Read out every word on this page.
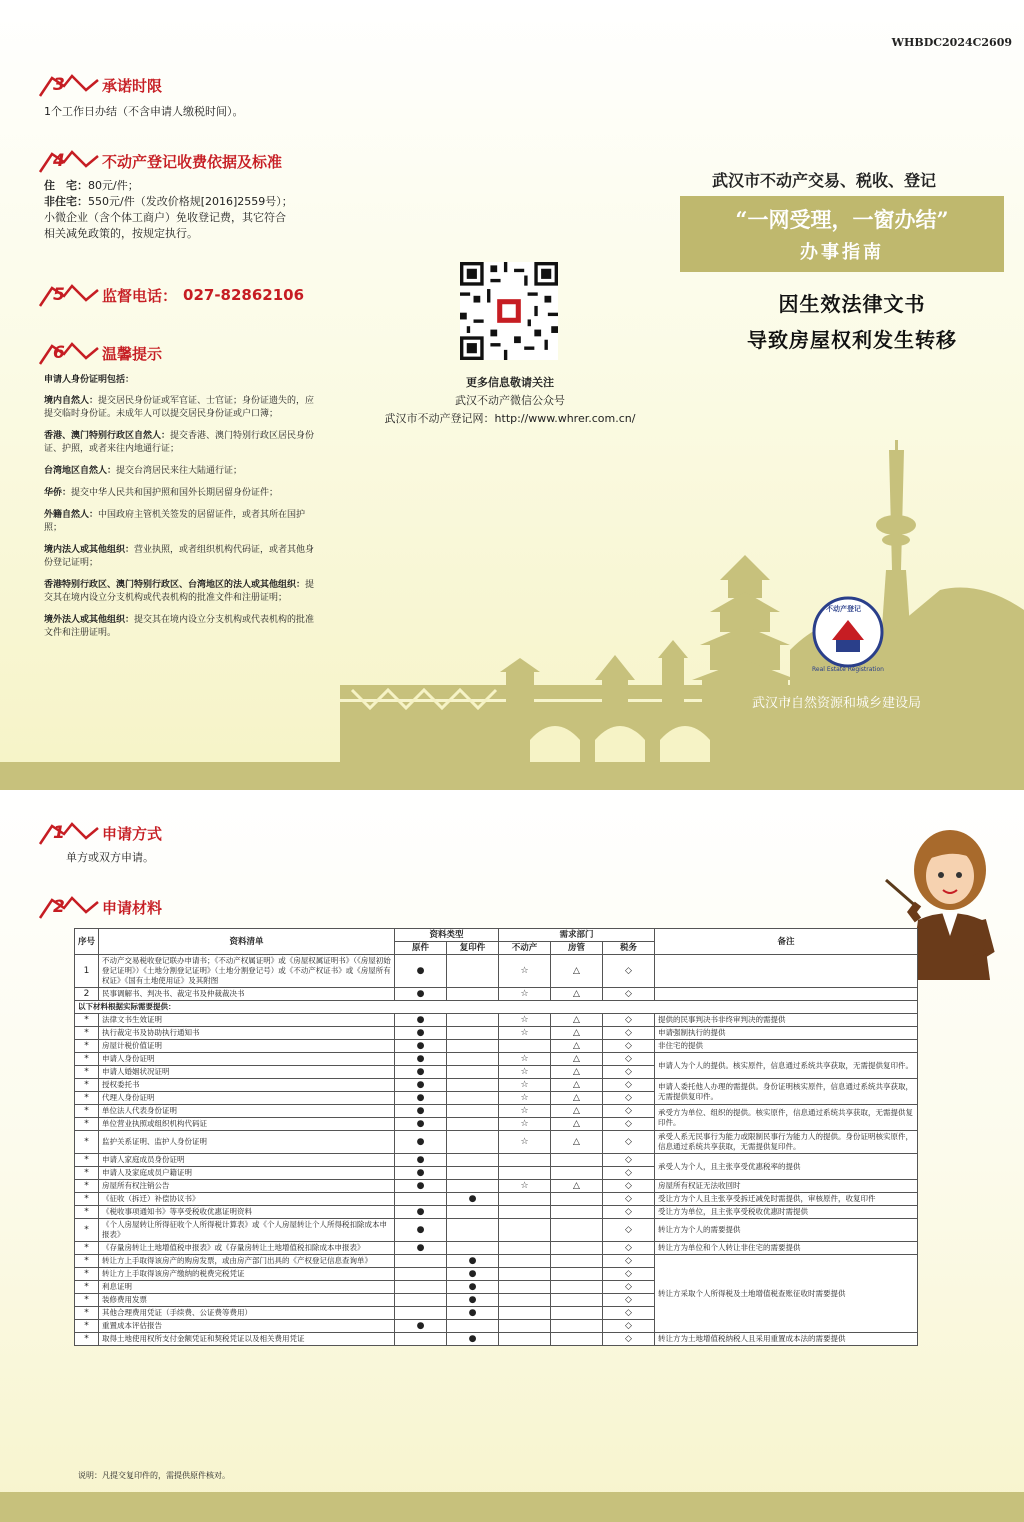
WHBDC2024C2609
3 承诺时限
1个工作日办结（不含申请人缴税时间）。
4 不动产登记收费依据及标准
住　宅：80元/件；
非住宅：550元/件（发改价格规[2016]2559号）；
小微企业（含个体工商户）免收登记费，其它符合
相关减免政策的，按规定执行。
5 监督电话： 027-82862106
6 温馨提示
申请人身份证明包括：
境内自然人：提交居民身份证或军官证、士官证；身份证遗失的，应提交临时身份证。未成年人可以提交居民身份证或户口簿；
香港、澳门特别行政区自然人：提交香港、澳门特别行政区居民身份证、护照，或者来往内地通行证；
台湾地区自然人：提交台湾居民来往大陆通行证；
华侨：提交中华人民共和国护照和国外长期居留身份证件；
外籍自然人：中国政府主管机关签发的居留证件，或者其所在国护照；
境内法人或其他组织：营业执照，或者组织机构代码证，或者其他身份登记证明；
香港特别行政区、澳门特别行政区、台湾地区的法人或其他组织：提交其在境内设立分支机构或代表机构的批准文件和注册证明；
境外法人或其他组织：提交其在境内设立分支机构或代表机构的批准文件和注册证明。
更多信息敬请关注
武汉不动产微信公众号
武汉市不动产登记网：http://www.whrer.com.cn/
武汉市不动产交易、税收、登记
“一网受理，一窗办结”
办事指南
因生效法律文书
导致房屋权利发生转移
不动产登记
Real Estate Registration
武汉市自然资源和城乡建设局
1 申请方式
单方或双方申请。
2 申请材料
序号	资料清单	资料类型		需求部门			备注
		原件	复印件	不动产	房管	税务	
1	不动产交易税收登记联办申请书；《不动产权属证明》或《房屋权属证明书》（《房屋初始登记证明》）《土地分割登记证明》（土地分割登记号）或《不动产权证书》或《房屋所有权证》《国有土地使用证》及其附图	●		☆	△	◇	
2	民事调解书、判决书、裁定书及仲裁裁决书	●		☆	△	◇	
以下材料根据实际需要提供：							
*	法律文书生效证明	●		☆	△	◇	提供的民事判决书非终审判决的需提供
*	执行裁定书及协助执行通知书	●		☆	△	◇	申请强制执行的提供
*	房屋计税价值证明	●			△	◇	非住宅的提供
*	申请人身份证明	●		☆	△	◇	申请人为个人的提供。核实原件，信息通过系统共享获取，无需提供复印件。
*	申请人婚姻状况证明	●		☆	△	◇	
*	授权委托书	●		☆	△	◇	申请人委托他人办理的需提供。身份证明核实原件，信息通过系统共享获取，无需提供复印件。
*	代理人身份证明	●		☆	△	◇	
*	单位法人代表身份证明	●		☆	△	◇	承受方为单位、组织的提供。核实原件，信息通过系统共享获取，无需提供复印件。
*	单位营业执照或组织机构代码证	●		☆	△	◇	
*	监护关系证明、监护人身份证明	●		☆	△	◇	承受人系无民事行为能力或限制民事行为能力人的提供。身份证明核实原件，信息通过系统共享获取，无需提供复印件。
*	申请人家庭成员身份证明	●				◇	承受人为个人，且主张享受优惠税率的提供
*	申请人及家庭成员户籍证明	●				◇	
*	房屋所有权注销公告	●		☆	△	◇	房屋所有权证无法收回时
*	《征收（拆迁）补偿协议书》		●			◇	受让方为个人且主张享受拆迁减免时需提供，审核原件，收复印件
*	《税收事项通知书》等享受税收优惠证明资料	●				◇	受让方为单位，且主张享受税收优惠时需提供
*	《个人房屋转让所得征收个人所得税计算表》或《个人房屋转让个人所得税扣除成本申报表》	●				◇	转让方为个人的需要提供
*	《存量房转让土地增值税申报表》或《存量房转让土地增值税扣除成本申报表》	●				◇	转让方为单位和个人转让非住宅的需要提供
*	转让方上手取得该房产的购房发票，或由房产部门出具的《产权登记信息查询单》		●			◇	转让方采取个人所得税及土地增值税查账征收时需要提供
*	转让方上手取得该房产缴纳的税费完税凭证		●			◇	
*	利息证明		●			◇	
*	装修费用发票		●			◇	
*	其他合理费用凭证（手续费、公证费等费用）		●			◇	
*	重置成本评估报告	●				◇	
*	取得土地使用权所支付金额凭证和契税凭证以及相关费用凭证		●			◇	转让方为土地增值税纳税人且采用重置成本法的需要提供
说明：凡提交复印件的，需提供原件核对。
